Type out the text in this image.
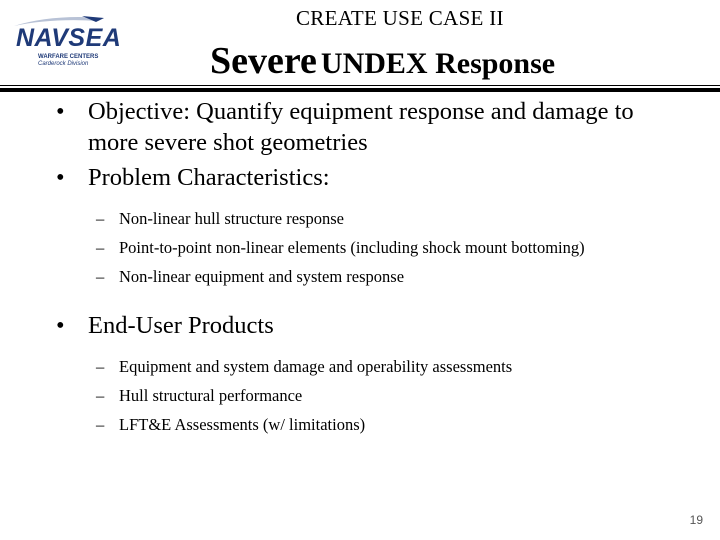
NAVSEA
WARFARE CENTERS
Carderock Division
CREATE USE CASE II
Severe UNDEX Response
• Objective: Quantify equipment response and damage to more severe shot geometries
• Problem Characteristics:
– Non-linear hull structure response
– Point-to-point non-linear elements (including shock mount bottoming)
– Non-linear equipment and system response
• End-User Products
– Equipment and system damage and operability assessments
– Hull structural performance
– LFT&E Assessments (w/ limitations)
19
